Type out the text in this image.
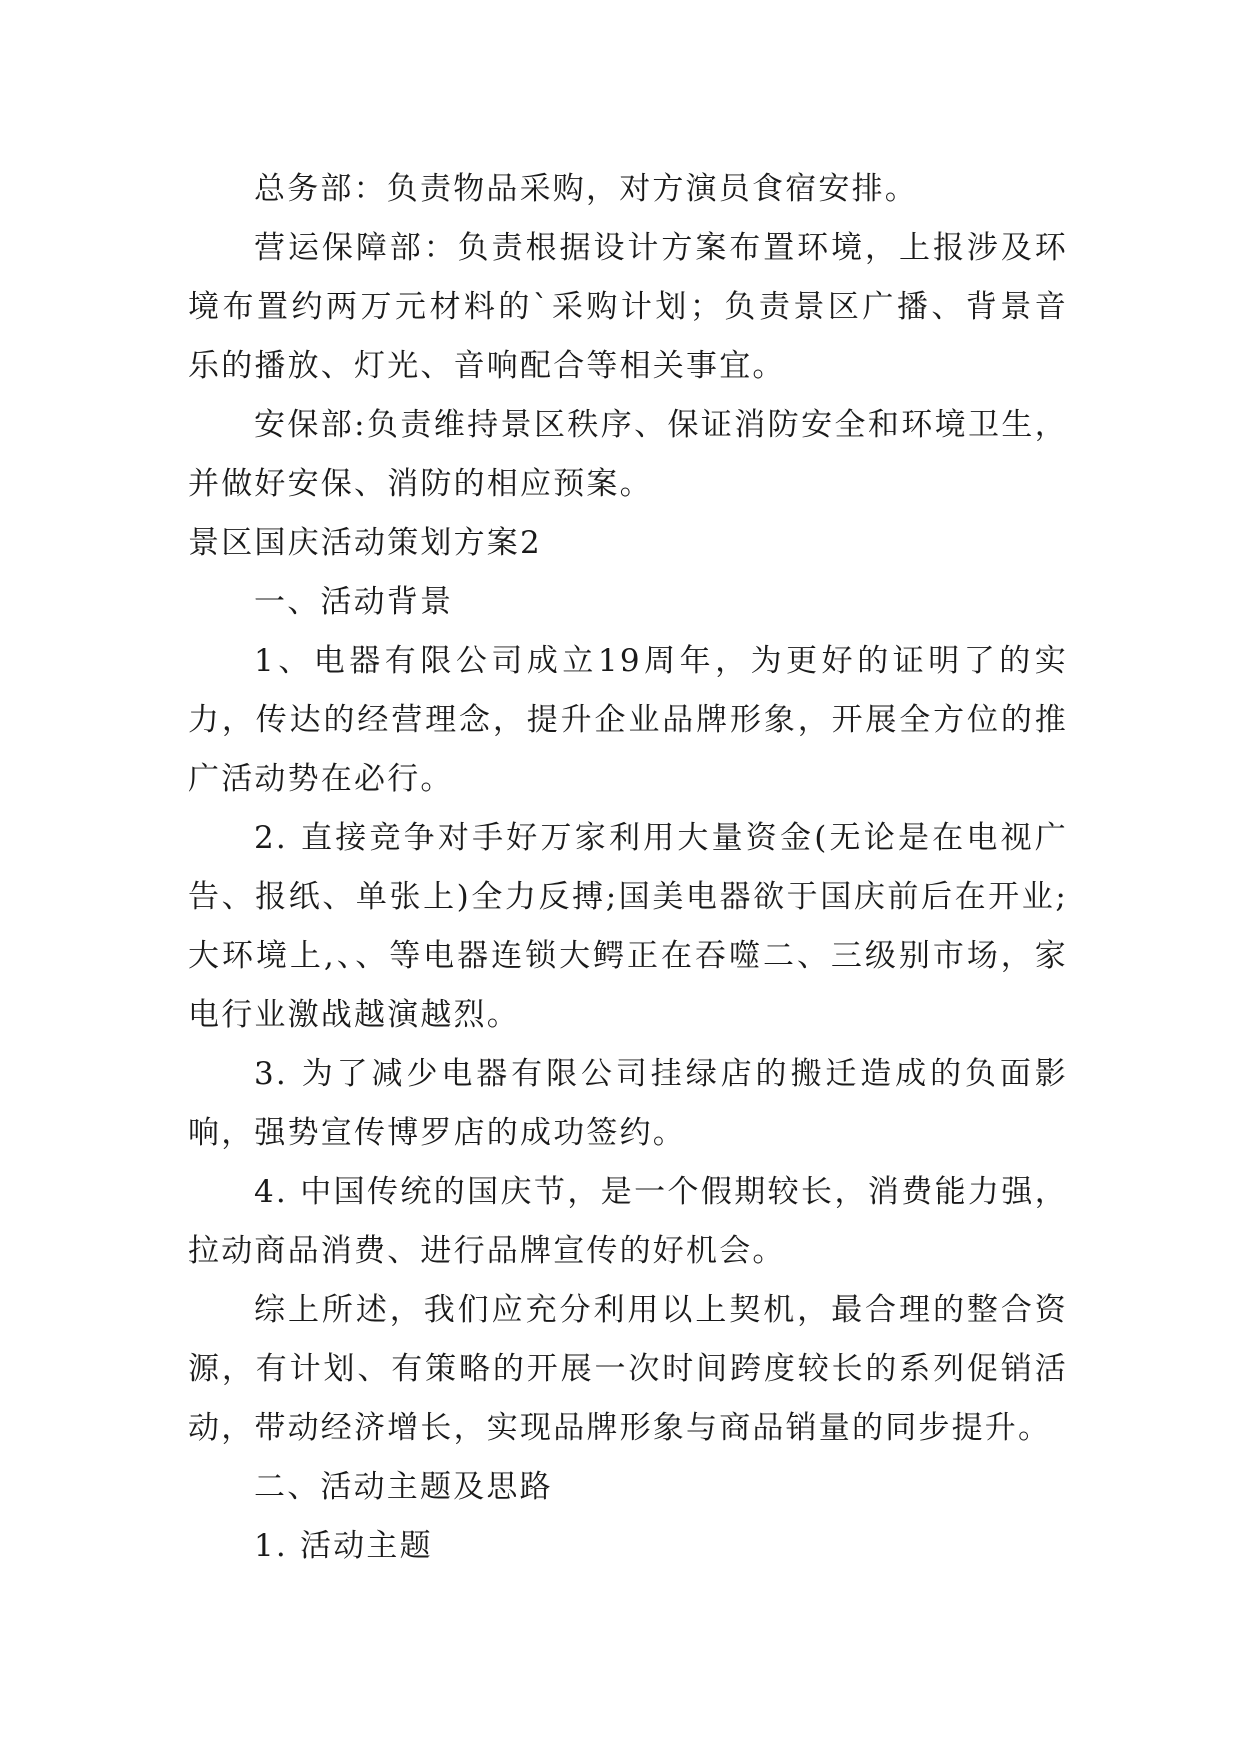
总务部：负责物品采购，对方演员食宿安排。

营运保障部：负责根据设计方案布置环境，上报涉及环境布置约两万元材料的`采购计划；负责景区广播、背景音乐的播放、灯光、音响配合等相关事宜。

安保部:负责维持景区秩序、保证消防安全和环境卫生，并做好安保、消防的相应预案。

景区国庆活动策划方案2

一、活动背景

1、电器有限公司成立19周年，为更好的证明了的实力，传达的经营理念，提升企业品牌形象，开展全方位的推广活动势在必行。

2. 直接竞争对手好万家利用大量资金(无论是在电视广告、报纸、单张上)全力反搏;国美电器欲于国庆前后在开业;大环境上,、、等电器连锁大鳄正在吞噬二、三级别市场，家电行业激战越演越烈。

3. 为了减少电器有限公司挂绿店的搬迁造成的负面影响，强势宣传博罗店的成功签约。

4. 中国传统的国庆节，是一个假期较长，消费能力强，拉动商品消费、进行品牌宣传的好机会。

综上所述，我们应充分利用以上契机，最合理的整合资源，有计划、有策略的开展一次时间跨度较长的系列促销活动，带动经济增长，实现品牌形象与商品销量的同步提升。

二、活动主题及思路

1. 活动主题
